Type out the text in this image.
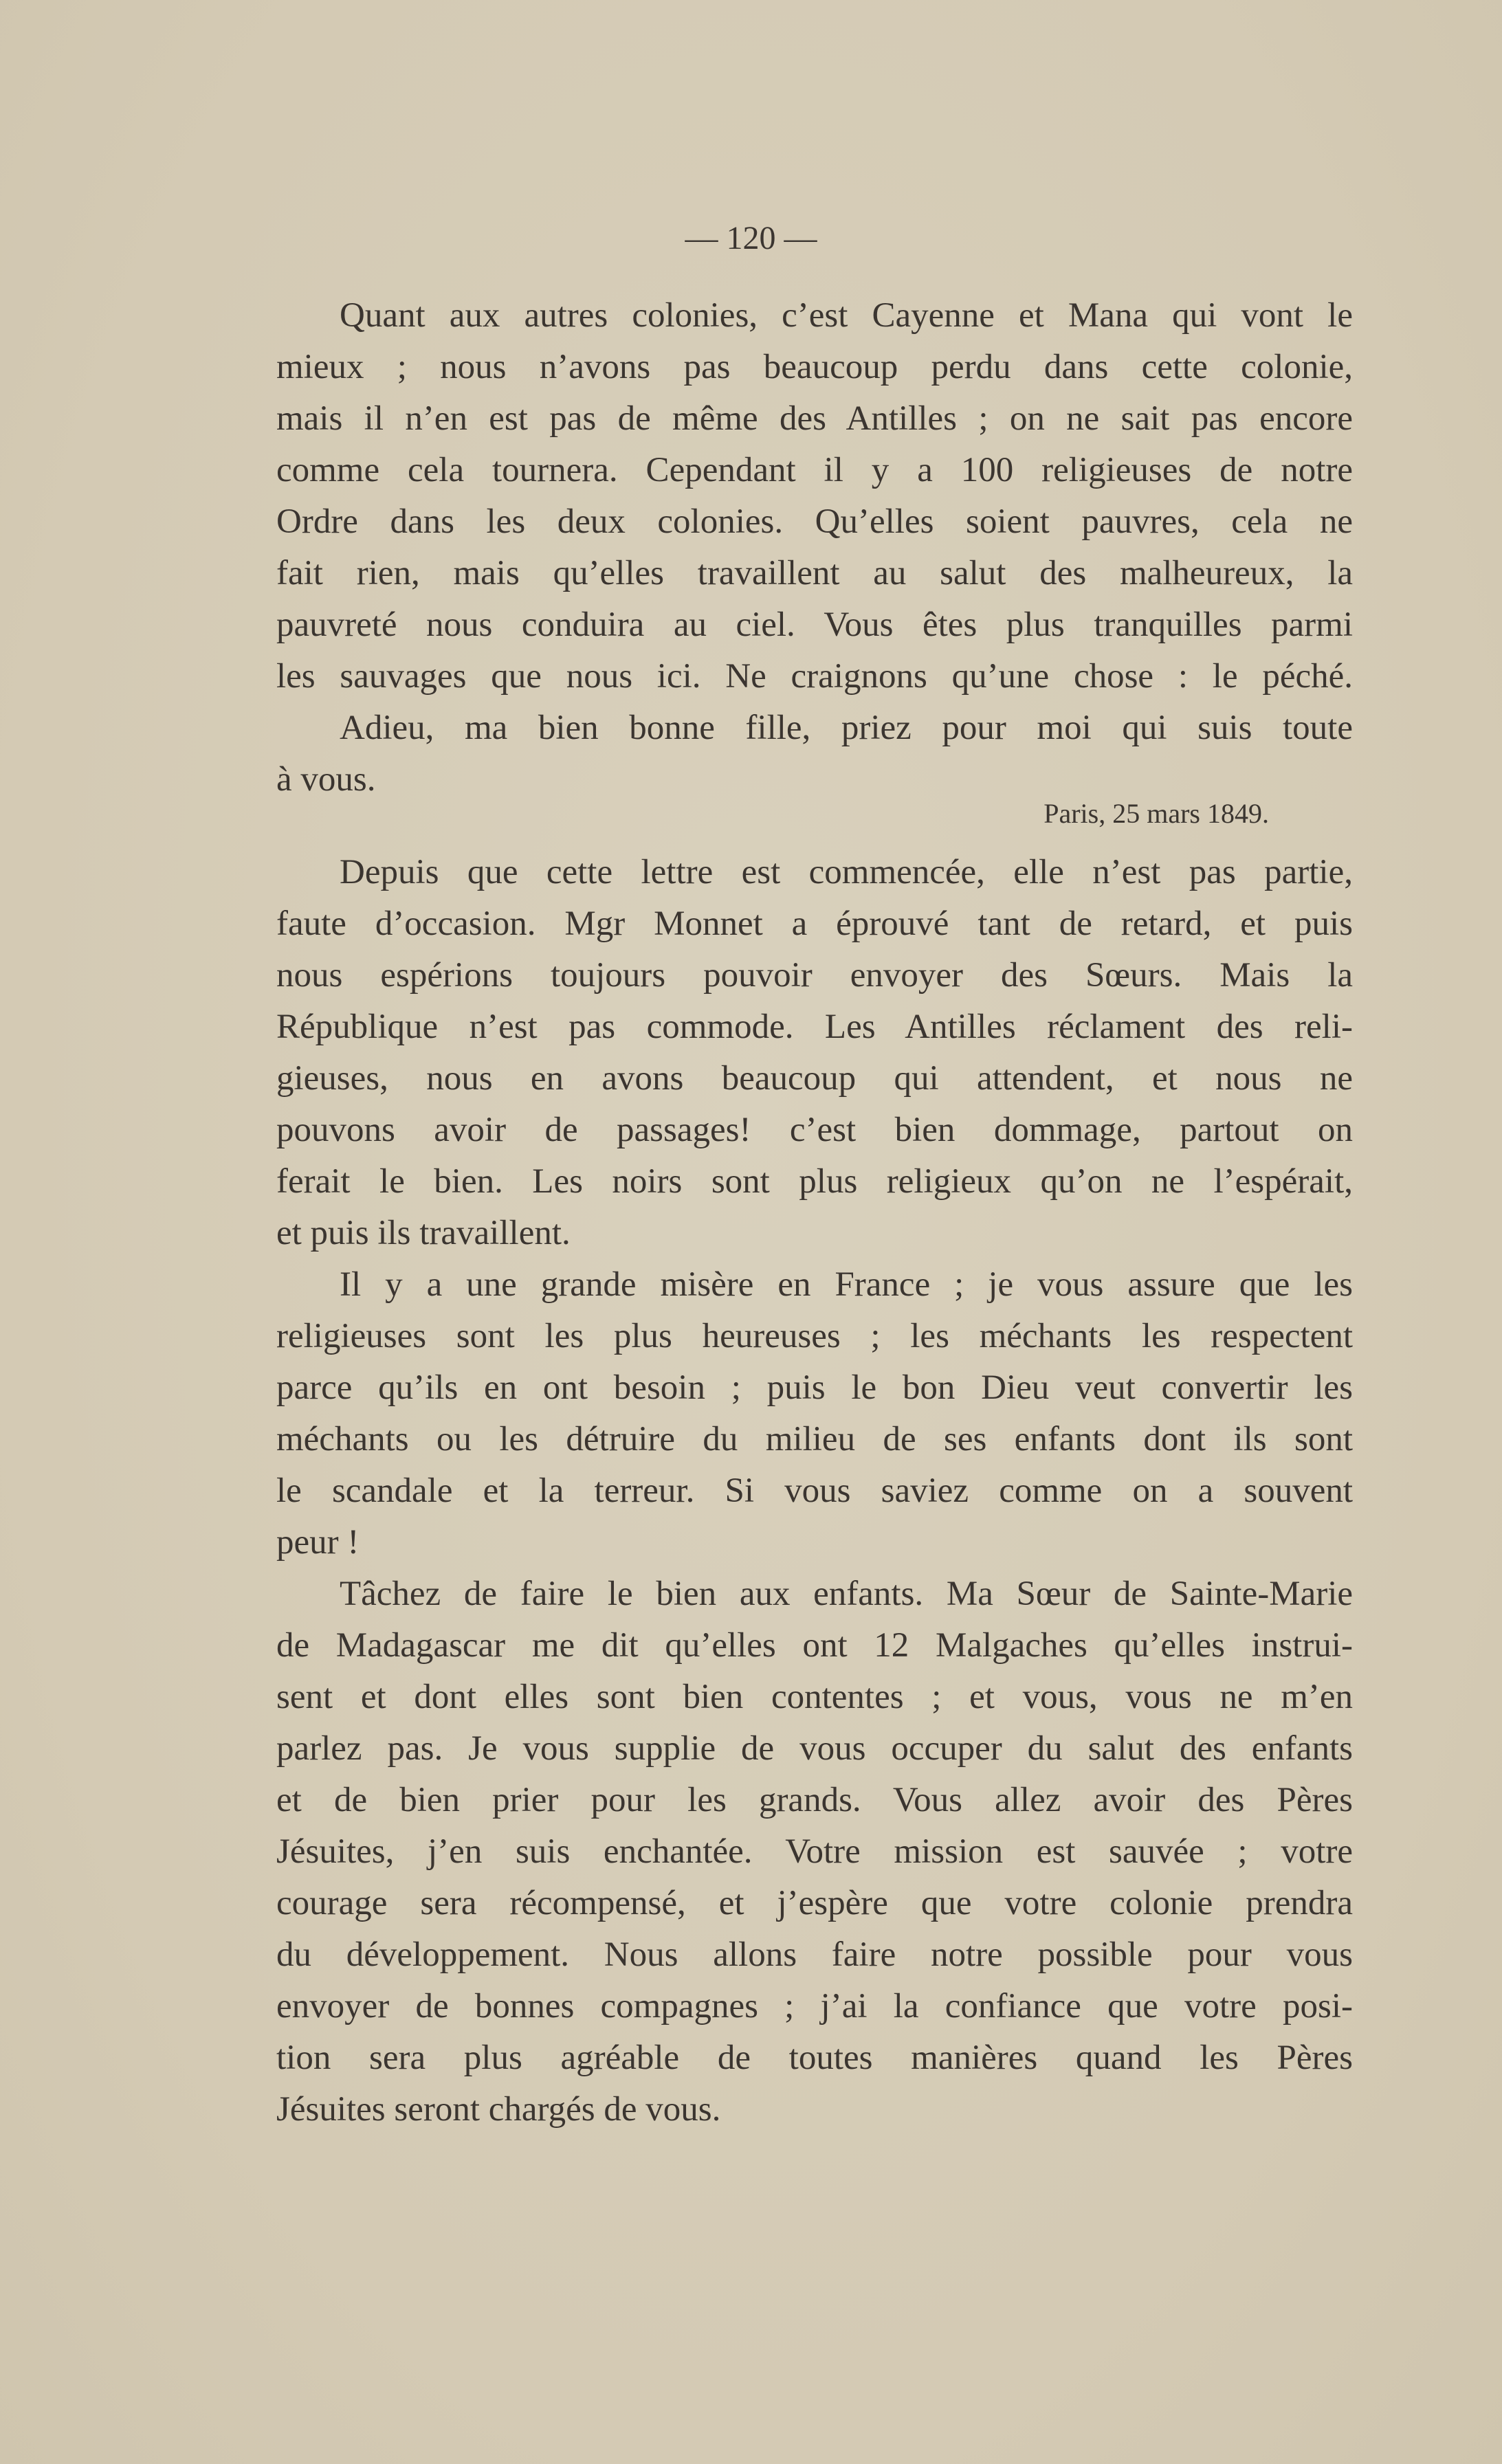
— 120 —
Quant aux autres colonies, c’est Cayenne et Mana qui vont le
mieux ; nous n’avons pas beaucoup perdu dans cette colonie,
mais il n’en est pas de même des Antilles ; on ne sait pas encore
comme cela tournera. Cependant il y a 100 religieuses de notre
Ordre dans les deux colonies. Qu’elles soient pauvres, cela ne
fait rien, mais qu’elles travaillent au salut des malheureux, la
pauvreté nous conduira au ciel. Vous êtes plus tranquilles parmi
les sauvages que nous ici. Ne craignons qu’une chose : le péché.
Adieu, ma bien bonne fille, priez pour moi qui suis toute
à vous.
Paris, 25 mars 1849.
Depuis que cette lettre est commencée, elle n’est pas partie,
faute d’occasion. Mgr Monnet a éprouvé tant de retard, et puis
nous espérions toujours pouvoir envoyer des Sœurs. Mais la
République n’est pas commode. Les Antilles réclament des reli-
gieuses, nous en avons beaucoup qui attendent, et nous ne
pouvons avoir de passages! c’est bien dommage, partout on
ferait le bien. Les noirs sont plus religieux qu’on ne l’espérait,
et puis ils travaillent.
Il y a une grande misère en France ; je vous assure que les
religieuses sont les plus heureuses ; les méchants les respectent
parce qu’ils en ont besoin ; puis le bon Dieu veut convertir les
méchants ou les détruire du milieu de ses enfants dont ils sont
le scandale et la terreur. Si vous saviez comme on a souvent
peur !
Tâchez de faire le bien aux enfants. Ma Sœur de Sainte-Marie
de Madagascar me dit qu’elles ont 12 Malgaches qu’elles instrui-
sent et dont elles sont bien contentes ; et vous, vous ne m’en
parlez pas. Je vous supplie de vous occuper du salut des enfants
et de bien prier pour les grands. Vous allez avoir des Pères
Jésuites, j’en suis enchantée. Votre mission est sauvée ; votre
courage sera récompensé, et j’espère que votre colonie prendra
du développement. Nous allons faire notre possible pour vous
envoyer de bonnes compagnes ; j’ai la confiance que votre posi-
tion sera plus agréable de toutes manières quand les Pères
Jésuites seront chargés de vous.
